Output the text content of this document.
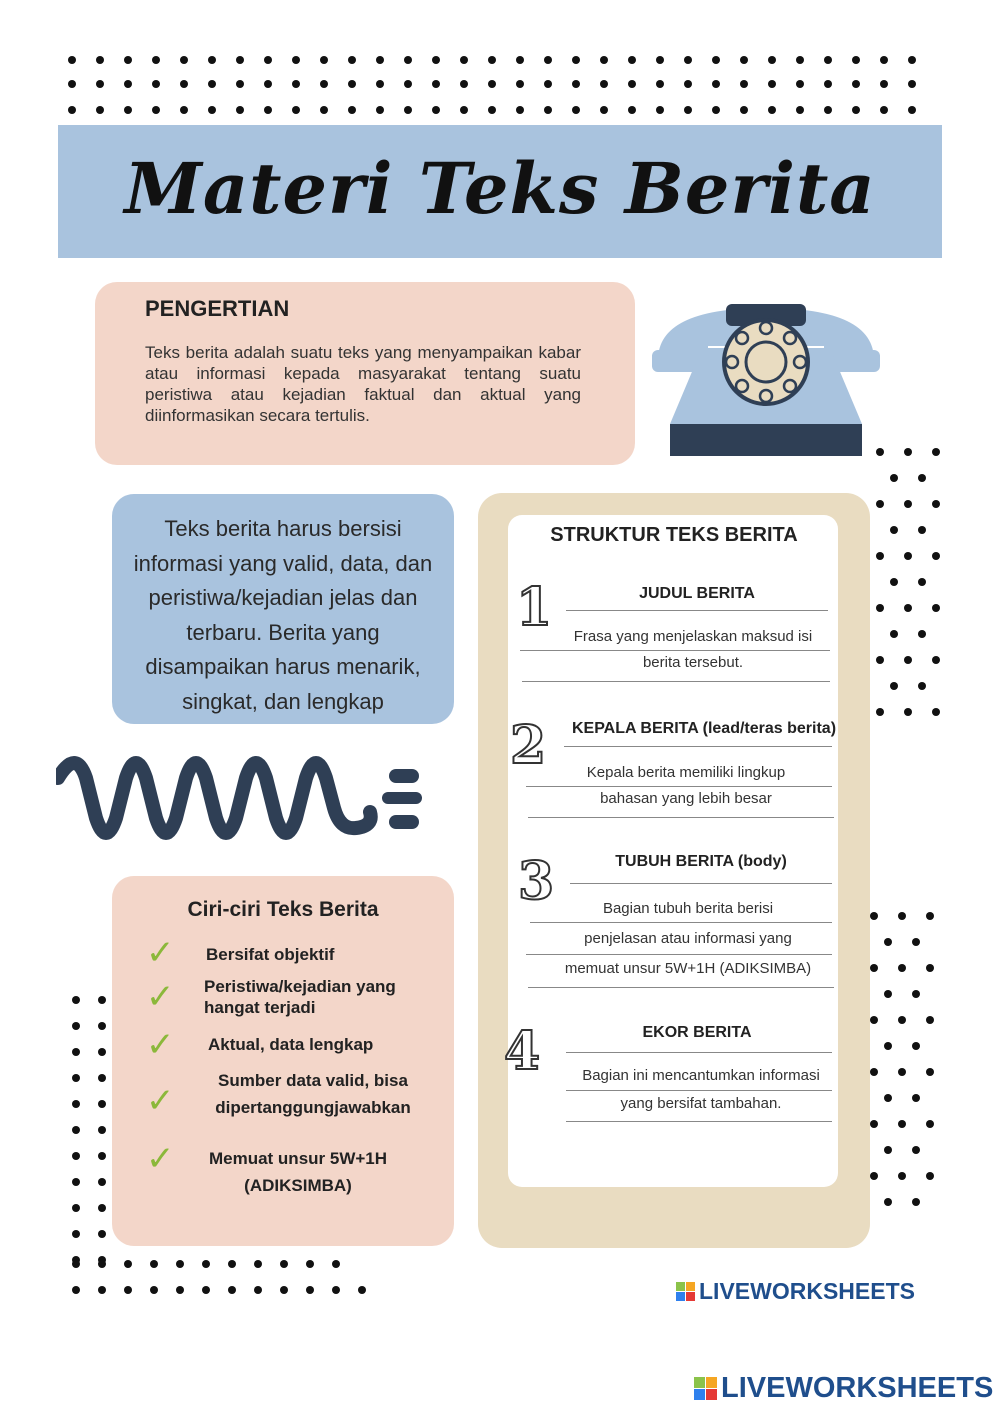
Materi Teks Berita
PENGERTIAN
Teks berita adalah suatu teks yang menyampaikan kabar atau informasi kepada masyarakat tentang suatu peristiwa atau kejadian faktual dan aktual yang diinformasikan secara tertulis.
Teks berita harus bersisi
informasi yang valid, data, dan
peristiwa/kejadian jelas dan
terbaru. Berita yang
disampaikan harus menarik,
singkat, dan lengkap
Ciri-ciri Teks Berita
✓ Bersifat objektif
✓ Peristiwa/kejadian yang
hangat terjadi
✓ Aktual, data lengkap
✓
Sumber data valid, bisa
dipertanggungjawabkan
✓	Memuat unsur 5W+1H
(ADIKSIMBA)
STRUKTUR TEKS BERITA
1	JUDUL BERITA
Frasa yang menjelaskan maksud isi
berita tersebut.
2	KEPALA BERITA (lead/teras berita)
Kepala berita memiliki lingkup
bahasan yang lebih besar
3	TUBUH BERITA (body)
Bagian tubuh berita berisi
penjelasan atau informasi yang
memuat unsur 5W+1H (ADIKSIMBA)
4	EKOR BERITA
Bagian ini mencantumkan informasi
yang bersifat tambahan.
LIVEWORKSHEETS
LIVEWORKSHEETS
